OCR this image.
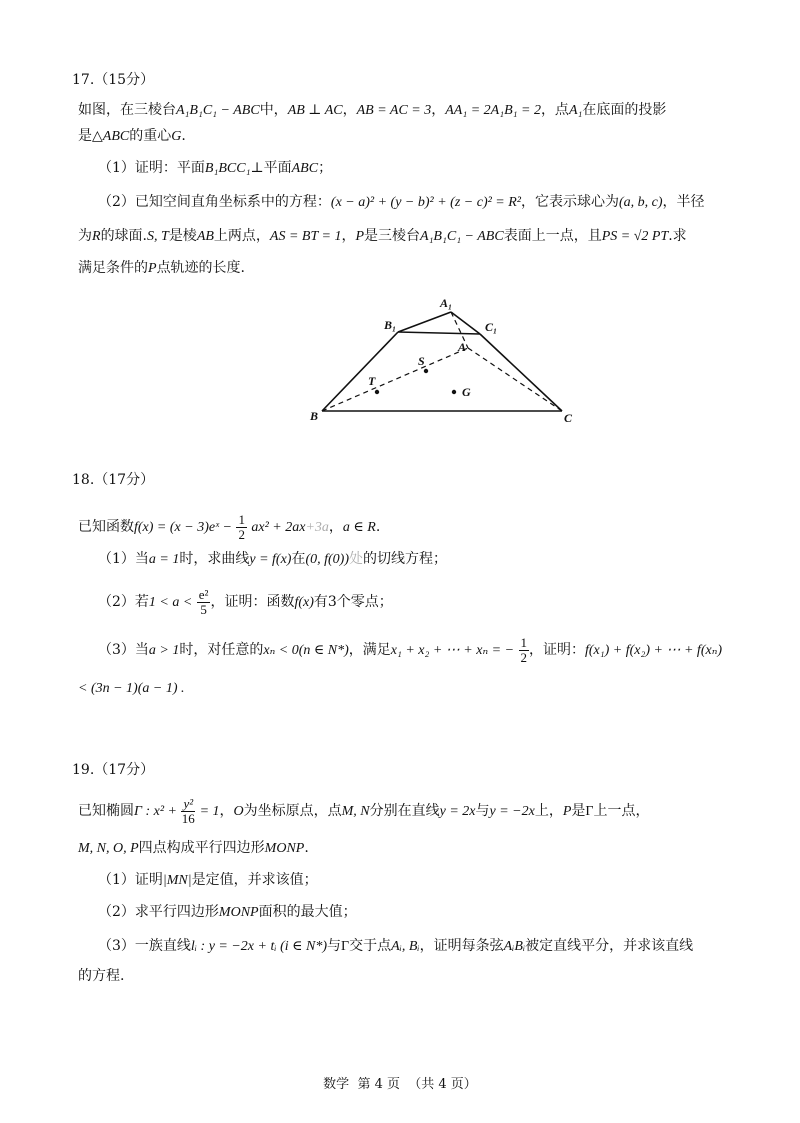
17.（15分）
如图，在三棱台A₁B₁C₁ − ABC中，AB ⊥ AC，AB = AC = 3，AA₁ = 2A₁B₁ = 2，点A₁在底面的投影
是△ABC的重心G.
（1）证明：平面B₁BCC₁⊥平面ABC；
（2）已知空间直角坐标系中的方程：(x − a)² + (y − b)² + (z − c)² = R²，它表示球心为(a, b, c)，半径
为R的球面.S, T是棱AB上两点，AS = BT = 1，P是三棱台A₁B₁C₁ − ABC表面上一点，且PS = √2 PT.求
满足条件的P点轨迹的长度.
A₁
B₁	C₁
A
S
T
G
B	C
18.（17分）
已知函数f(x) = (x − 3)eˣ − $\frac{1}{2} ax^2 + 2ax+3a$，a ∈ R.
（1）当a = 1时，求曲线y = f(x)在(0, f(0))处的切线方程；
（2）若$1 < a < \frac{\text{e²}}{5}$ ，证明：函数f(x)有3个零点；
（3）当a > 1时，对任意的xₙ < 0(n ∈ N*)，满足x₁ + x₂ + ⋯ + xₙ = − $\frac{1}{2}$ ，证明：f(x₁) + f(x₂) + ⋯ + f(xₙ)
< (3n − 1)(a − 1) .
19.（17分）
已知椭圆Γ : $x^2 + \frac{\text{y²}}{16} = 1$，O为坐标原点，点M, N分别在直线y = 2x与y = −2x上，P是Γ上一点，
M, N, O, P四点构成平行四边形MONP.
（1）证明|MN|是定值，并求该值；
（2）求平行四边形MONP面积的最大值；
（3）一族直线lᵢ : y = −2x + tᵢ (i ∈ N*)与Γ交于点Aᵢ, Bᵢ，证明每条弦AᵢBᵢ被定直线平分，并求该直线
的方程.
数学 第 4 页 （共 4 页）
